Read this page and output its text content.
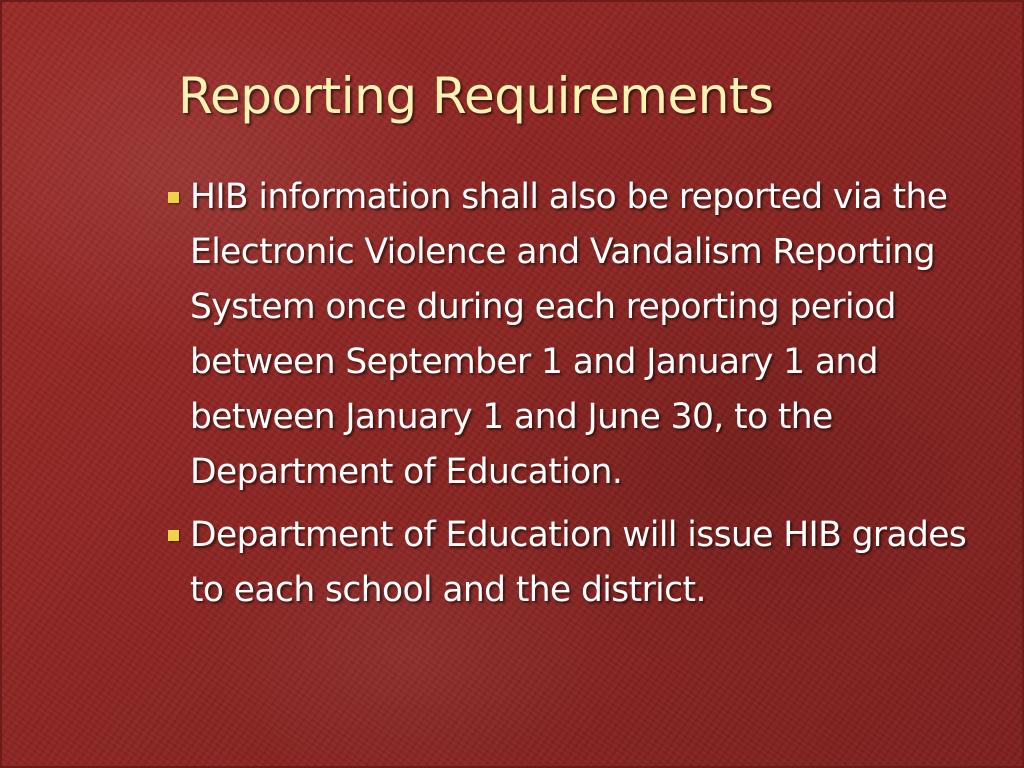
Reporting Requirements
HIB information shall also be reported via the Electronic Violence and Vandalism Reporting System once during each reporting period between September 1 and January 1 and between January 1 and June 30, to the Department of Education.
Department of Education will issue HIB grades to each school and the district.
